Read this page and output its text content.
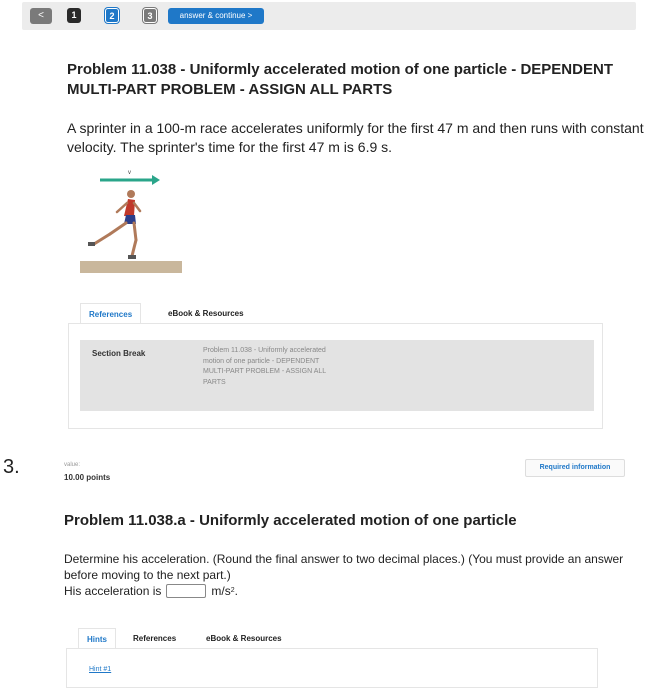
<	1	2	3	answer & continue >
Problem 11.038 - Uniformly accelerated motion of one particle - DEPENDENT MULTI-PART PROBLEM - ASSIGN ALL PARTS
A sprinter in a 100-m race accelerates uniformly for the first 47 m and then runs with constant velocity. The sprinter's time for the first 47 m is 6.9 s.
v
References	eBook & Resources
Section Break	Problem 11.038 - Uniformly accelerated motion of one particle - DEPENDENT MULTI-PART PROBLEM - ASSIGN ALL PARTS
3.	value:
10.00 points
Required information
Problem 11.038.a - Uniformly accelerated motion of one particle
Determine his acceleration. (Round the final answer to two decimal places.) (You must provide an answer before moving to the next part.)
His acceleration is	m/s 2 .
Hints	References	eBook & Resources
Hint #1
